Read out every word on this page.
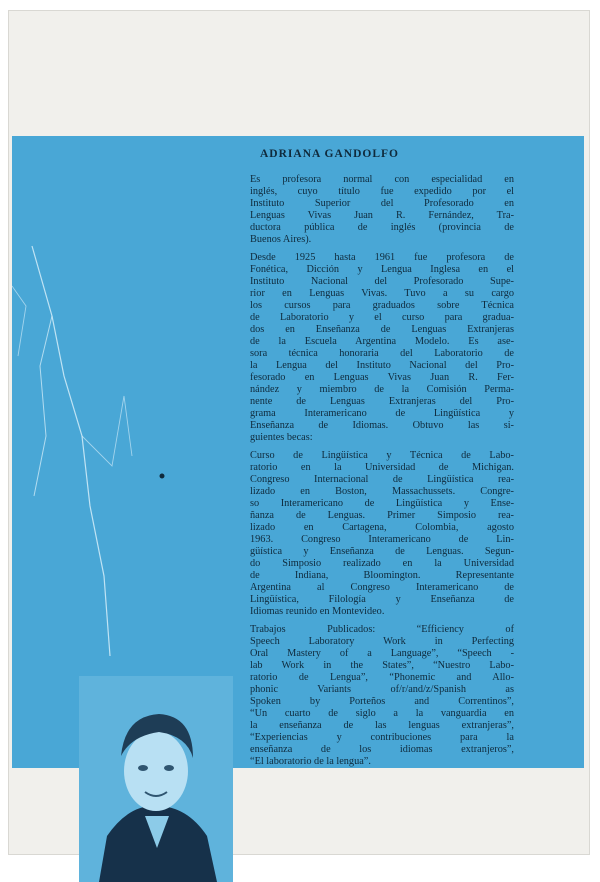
ADRIANA GANDOLFO

Es profesora normal con especialidad en

inglés, cuyo título fue expedido por el

Instituto Superior del Profesorado en

Lenguas Vivas Juan R. Fernández, Tra-

ductora pública de inglés (provincia de

Buenos Aires).

Desde 1925 hasta 1961 fue profesora de

Fonética, Dicción y Lengua Inglesa en el

Instituto Nacional del Profesorado Supe-

rior en Lenguas Vivas. Tuvo a su cargo

los cursos para graduados sobre Técnica

de Laboratorio y el curso para gradua-

dos en Enseñanza de Lenguas Extranjeras

de la Escuela Argentina Modelo. Es ase-

sora técnica honoraria del Laboratorio de

la Lengua del Instituto Nacional del Pro-

fesorado en Lenguas Vivas Juan R. Fer-

nández y miembro de la Comisión Perma-

nente de Lenguas Extranjeras del Pro-

grama Interamericano de Lingüística y

Enseñanza de Idiomas. Obtuvo las si-

guientes becas:

Curso de Lingüística y Técnica de Labo-

ratorio en la Universidad de Michigan.

Congreso Internacional de Lingüística rea-

lizado en Boston, Massachussets. Congre-

so Interamericano de Lingüística y Ense-

ñanza de Lenguas. Primer Simposio rea-

lizado en Cartagena, Colombia, agosto

1963. Congreso Interamericano de Lin-

güística y Enseñanza de Lenguas. Segun-

do Simposio realizado en la Universidad

de Indiana, Bloomington. Representante

Argentina al Congreso Interamericano de

Lingüística, Filología y Enseñanza de

Idiomas reunido en Montevideo.

Trabajos Publicados: “Efficiency of

Speech Laboratory Work in Perfecting

Oral Mastery of a Language”, “Speech -

lab Work in the States”, “Nuestro Labo-

ratorio de Lengua”, “Phonemic and Allo-

phonic Variants of/r/and/z/Spanish as

Spoken by Porteños and Correntinos”,

“Un cuarto de siglo a la vanguardia en

la enseñanza de las lenguas extranjeras”,

“Experiencias y contribuciones para la

enseñanza de los idiomas extranjeros”,

“El laboratorio de la lengua”.
